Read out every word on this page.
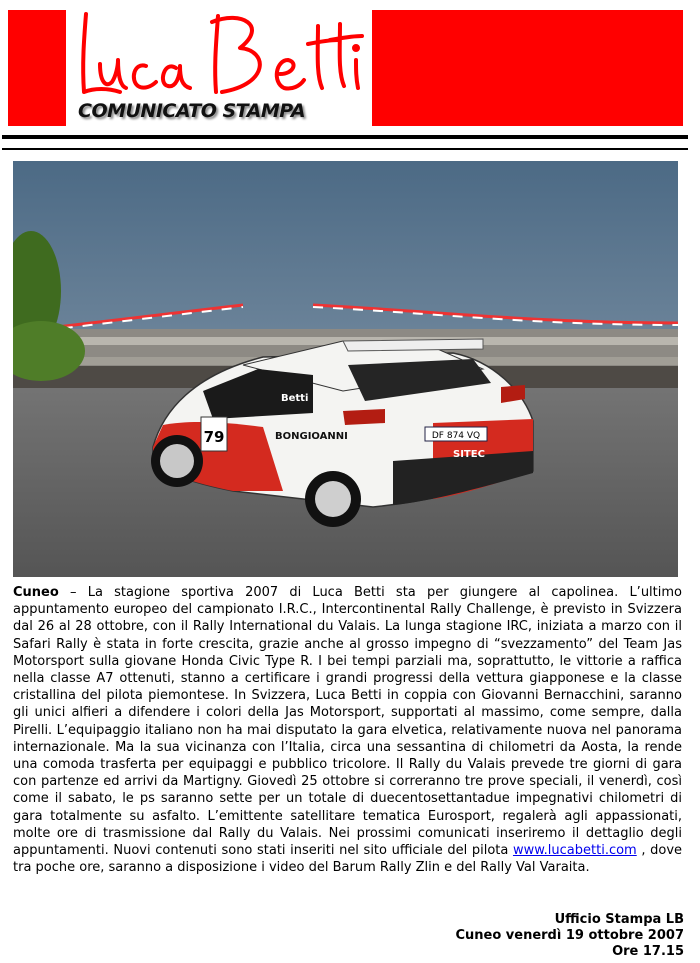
COMUNICATO STAMPA
79	BONGIOANNI
SITEC
Betti
DF 874 VQ
Cuneo – La stagione sportiva 2007 di Luca Betti sta per giungere al capolinea. L’ultimo appuntamento europeo del campionato I.R.C., Intercontinental Rally Challenge, è previsto in Svizzera dal 26 al 28 ottobre, con il Rally International du Valais. La lunga stagione IRC, iniziata a marzo con il Safari Rally è stata in forte crescita, grazie anche al grosso impegno di “svezzamento” del Team Jas Motorsport sulla giovane Honda Civic Type R. I bei tempi parziali ma, soprattutto, le vittorie a raffica nella classe A7 ottenuti, stanno a certificare i grandi progressi della vettura giapponese e la classe cristallina del pilota piemontese. In Svizzera, Luca Betti in coppia con Giovanni Bernacchini, saranno gli unici alfieri a difendere i colori della Jas Motorsport, supportati al massimo, come sempre, dalla Pirelli. L’equipaggio italiano non ha mai disputato la gara elvetica, relativamente nuova nel panorama internazionale. Ma la sua vicinanza con l’Italia, circa una sessantina di chilometri da Aosta, la rende una comoda trasferta per equipaggi e pubblico tricolore. Il Rally du Valais prevede tre giorni di gara con partenze ed arrivi da Martigny. Giovedì 25 ottobre si correranno tre prove speciali, il venerdì, così come il sabato, le ps saranno sette per un totale di duecentosettantadue impegnativi chilometri di gara totalmente su asfalto. L’emittente satellitare tematica Eurosport, regalerà agli appassionati, molte ore di trasmissione dal Rally du Valais. Nei prossimi comunicati inseriremo il dettaglio degli appuntamenti. Nuovi contenuti sono stati inseriti nel sito ufficiale del pilota www.lucabetti.com , dove tra poche ore, saranno a disposizione i video del Barum Rally Zlin e del Rally Val Varaita.
Ufficio Stampa LB
Cuneo venerdì 19 ottobre 2007
Ore 17.15
